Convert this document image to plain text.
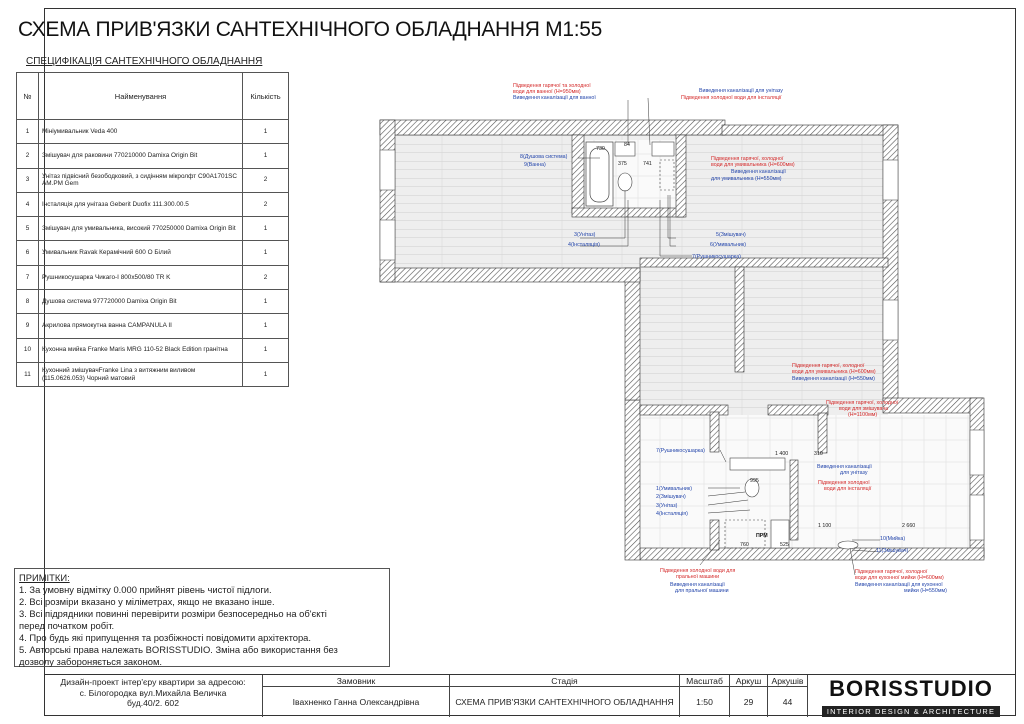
СХЕМА ПРИВ'ЯЗКИ САНТЕХНІЧНОГО ОБЛАДНАННЯ М1:55
СПЕЦИФІКАЦІЯ САНТЕХНІЧНОГО ОБЛАДНАННЯ
№	Найменування	Кількість
1	Мініумивальник Veda 400	1
2	Змішувач для раковини 770210000 Damixa Origin Bit	1
3	Унітаз підвісний безободковий, з сидінням мікролфт C90A1701SC AM.PM Gem	2
4	Інсталяція для унітаза Geberit Duofix 111.300.00.5	2
5	Змішувач для умивальника, високий 770250000 Damixa Origin Bit	1
6	Умивальник Ravak Керамічний 600 O Білий	1
7	Рушникосушарка Чикаго-І 800х500/80 TR K	2
8	Душова система 977720000 Damixa Origin Bit	1
9	Акрилова прямокутна ванна CAMPANULA II	1
10	Кухонна мийка Franke Maris MRG 110-52 Black Edition гранітна	1
11	Кухонний змішувачFranke Lina з витяжним виливом (115.0626.053) Чорний матовий	1
730
375	741
84
1 400	310
995
1 100	2 660
760	525
8(Душова система)
9(Ванна)
3(Унітаз)
4(Інсталяція)
5(Змішувач)
6(Умивальник)
7(Рушникосушарка)
7(Рушникосушарка)
1(Умивальник)
2(Змішувач)
3(Унітаз)
4(Інсталяція)
10(Мийка)
11(Змішувач)
ПРМ
Підведення гарячої та холодної
води для ванної (Н=950мм)
Виведення каналізації для ванної
Виведення каналізації для унітазу
Підведення холодної води для інсталяції
Підведення гарячої, холодної
води для умивальника (Н=600мм)
Виведення каналізації
для умивальника (Н=550мм)
Підведення гарячої, холодної
води для умивальника (Н=600мм)
Виведення каналізації (Н=550мм)
Підведення гарячої, холодної
води для змішувача
(Н=1100мм)
Виведення каналізації
для унітазу
Підведення холодної
води для інсталяції
Підведення холодної води для
пральної машини
Виведення каналізації
для пральної машини
Підведення гарячої, холодної
води для кухонної мийки (Н=600мм)
Виведення каналізації для кухонної
мийки (Н=550мм)
ПРИМІТКИ:
1. За умовну відмітку 0.000 прийнят рівень чистої підлоги.
2. Всі розміри вказано у міліметрах, якщо не вказано інше.
3. Всі підрядники повинні перевірити розміри безпосередньо на об'єкті
перед початком робіт.
4. Про будь які припущення та розбіжності повідомити архітектора.
5. Авторські права належать BORISSTUDIO. Зміна або використання без
дозволу забороняється законом.
Дизайн-проект інтер'єру квартири за адресою:
с. Білогородка вул.Михайла Величка
буд.40/2. 602
Замовник
Івахненко Ганна Олександрівна
Стадія
СХЕМА ПРИВ'ЯЗКИ САНТЕХНІЧНОГО ОБЛАДНАННЯ
Масштаб
1:50
Аркуш
29
Аркушів
44
BORISSTUDIO
INTERIOR DESIGN & ARCHITECTURE
